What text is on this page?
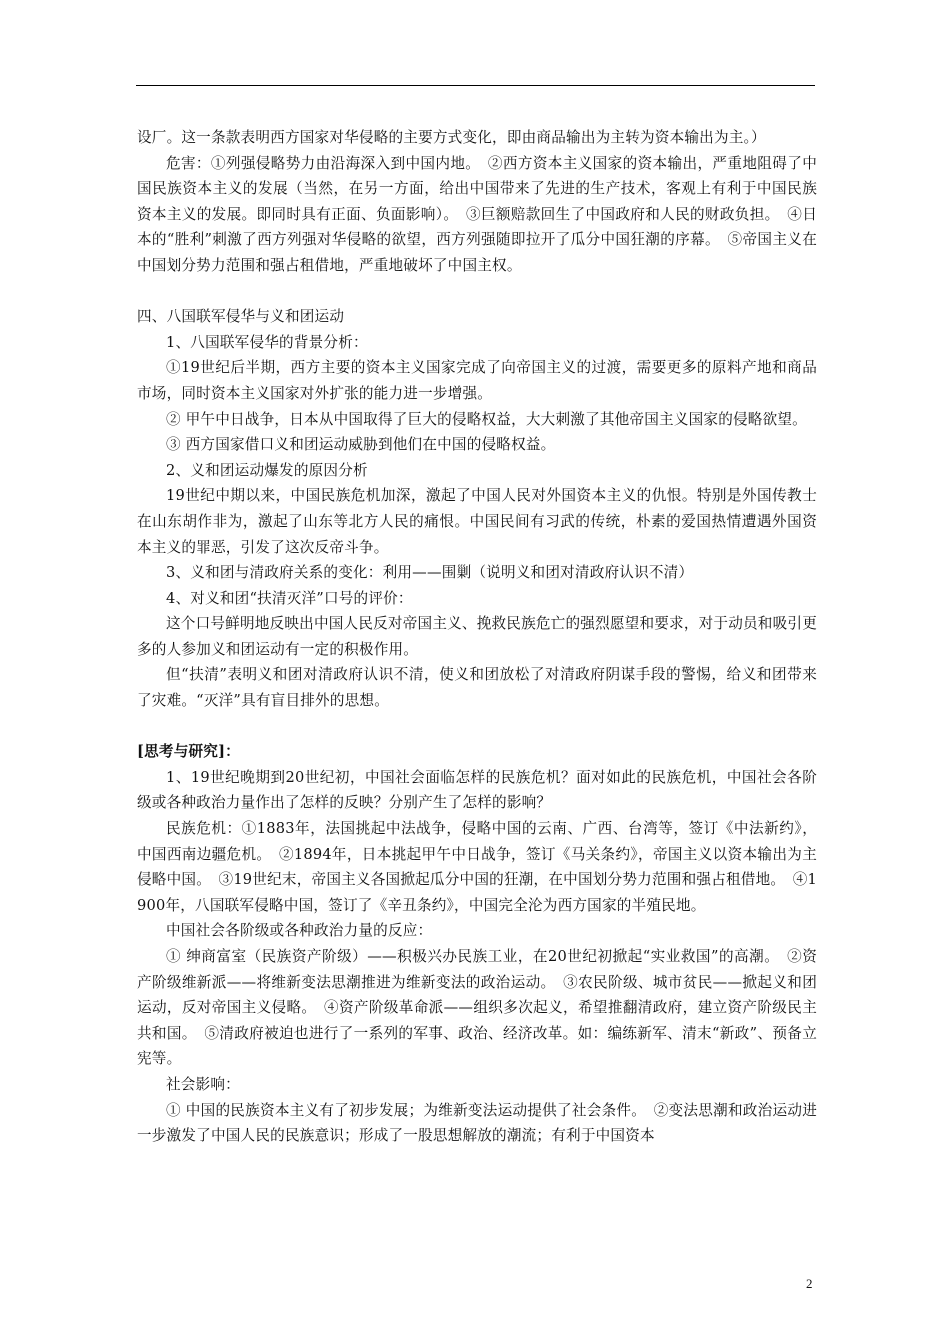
设厂。这一条款表明西方国家对华侵略的主要方式变化，即由商品输出为主转为资本输出为主。）

危害：①列强侵略势力由沿海深入到中国内地。　②西方资本主义国家的资本输出，严重地阻碍了中国民族资本主义的发展（当然，在另一方面，给出中国带来了先进的生产技术，客观上有利于中国民族资本主义的发展。即同时具有正面、负面影响）。　③巨额赔款回生了中国政府和人民的财政负担。　④日本的“胜利”刺激了西方列强对华侵略的欲望，西方列强随即拉开了瓜分中国狂潮的序幕。　⑤帝国主义在中国划分势力范围和强占租借地，严重地破坏了中国主权。

四、八国联军侵华与义和团运动

1、八国联军侵华的背景分析：

①19世纪后半期，西方主要的资本主义国家完成了向帝国主义的过渡，需要更多的原料产地和商品市场，同时资本主义国家对外扩张的能力进一步增强。

② 甲午中日战争，日本从中国取得了巨大的侵略权益，大大刺激了其他帝国主义国家的侵略欲望。

③ 西方国家借口义和团运动威胁到他们在中国的侵略权益。

2、义和团运动爆发的原因分析

19世纪中期以来，中国民族危机加深，激起了中国人民对外国资本主义的仇恨。特别是外国传教士在山东胡作非为，激起了山东等北方人民的痛恨。中国民间有习武的传统，朴素的爱国热情遭遇外国资本主义的罪恶，引发了这次反帝斗争。

3、义和团与清政府关系的变化：利用——围剿（说明义和团对清政府认识不清）

4、对义和团“扶清灭洋”口号的评价：

这个口号鲜明地反映出中国人民反对帝国主义、挽救民族危亡的强烈愿望和要求，对于动员和吸引更多的人参加义和团运动有一定的积极作用。

但“扶清”表明义和团对清政府认识不清，使义和团放松了对清政府阴谋手段的警惕，给义和团带来了灾难。“灭洋”具有盲目排外的思想。

[思考与研究]：

1、19世纪晚期到20世纪初，中国社会面临怎样的民族危机？面对如此的民族危机，中国社会各阶级或各种政治力量作出了怎样的反映？分别产生了怎样的影响？

民族危机：①1883年，法国挑起中法战争，侵略中国的云南、广西、台湾等，签订《中法新约》，中国西南边疆危机。　②1894年，日本挑起甲午中日战争，签订《马关条约》，帝国主义以资本输出为主侵略中国。　③19世纪末，帝国主义各国掀起瓜分中国的狂潮，在中国划分势力范围和强占租借地。　④1900年，八国联军侵略中国，签订了《辛丑条约》，中国完全沦为西方国家的半殖民地。

中国社会各阶级或各种政治力量的反应：

① 绅商富室（民族资产阶级）——积极兴办民族工业，在20世纪初掀起“实业救国”的高潮。　②资产阶级维新派——将维新变法思潮推进为维新变法的政治运动。　③农民阶级、城市贫民——掀起义和团运动，反对帝国主义侵略。　④资产阶级革命派——组织多次起义，希望推翻清政府，建立资产阶级民主共和国。　⑤清政府被迫也进行了一系列的军事、政治、经济改革。如：编练新军、清末“新政”、预备立宪等。

社会影响：

① 中国的民族资本主义有了初步发展；为维新变法运动提供了社会条件。　②变法思潮和政治运动进一步激发了中国人民的民族意识；形成了一股思想解放的潮流；有利于中国资本

2
